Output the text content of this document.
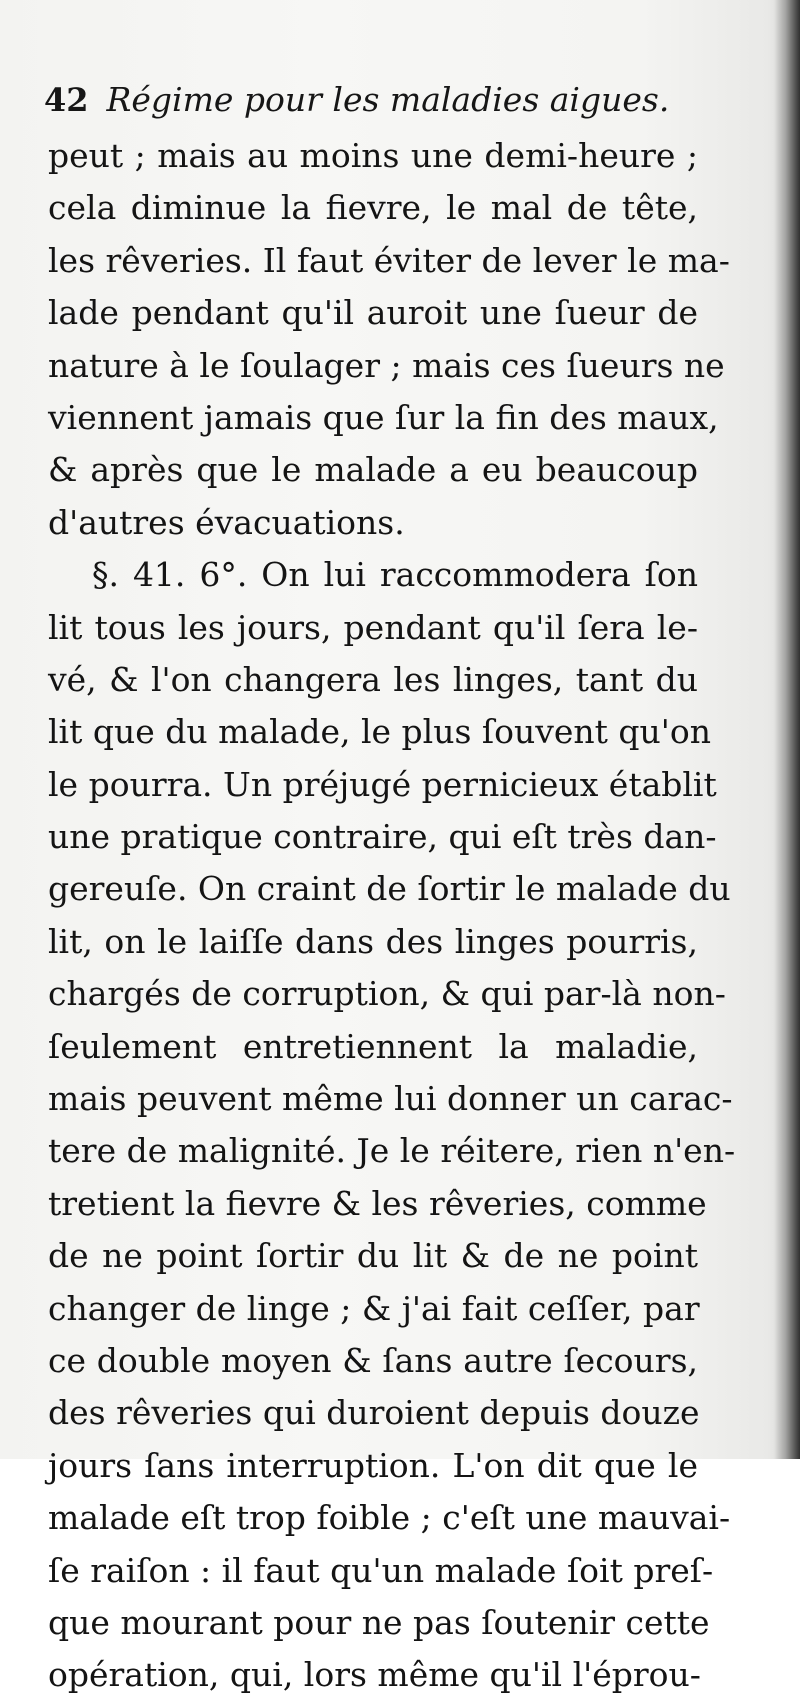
42 Régime pour les maladies aigues.
peut ; mais au moins une demi-heure ;
cela diminue la fievre, le mal de tête,
les rêveries. Il faut éviter de lever le ma-
lade pendant qu'il auroit une ſueur de
nature à le ſoulager ; mais ces ſueurs ne
viennent jamais que ſur la fin des maux,
& après que le malade a eu beaucoup
d'autres évacuations.
§. 41. 6°. On lui raccommodera ſon
lit tous les jours, pendant qu'il ſera le-
vé, & l'on changera les linges, tant du
lit que du malade, le plus ſouvent qu'on
le pourra. Un préjugé pernicieux établit
une pratique contraire, qui eſt très dan-
gereuſe. On craint de ſortir le malade du
lit, on le laiſſe dans des linges pourris,
chargés de corruption, & qui par-là non-
ſeulement entretiennent la maladie,
mais peuvent même lui donner un carac-
tere de malignité. Je le réitere, rien n'en-
tretient la fievre & les rêveries, comme
de ne point ſortir du lit & de ne point
changer de linge ; & j'ai fait ceſſer, par
ce double moyen & ſans autre ſecours,
des rêveries qui duroient depuis douze
jours ſans interruption. L'on dit que le
malade eſt trop foible ; c'eſt une mauvai-
ſe raiſon : il faut qu'un malade ſoit preſ-
que mourant pour ne pas ſoutenir cette
opération, qui, lors même qu'il l'éprou-
